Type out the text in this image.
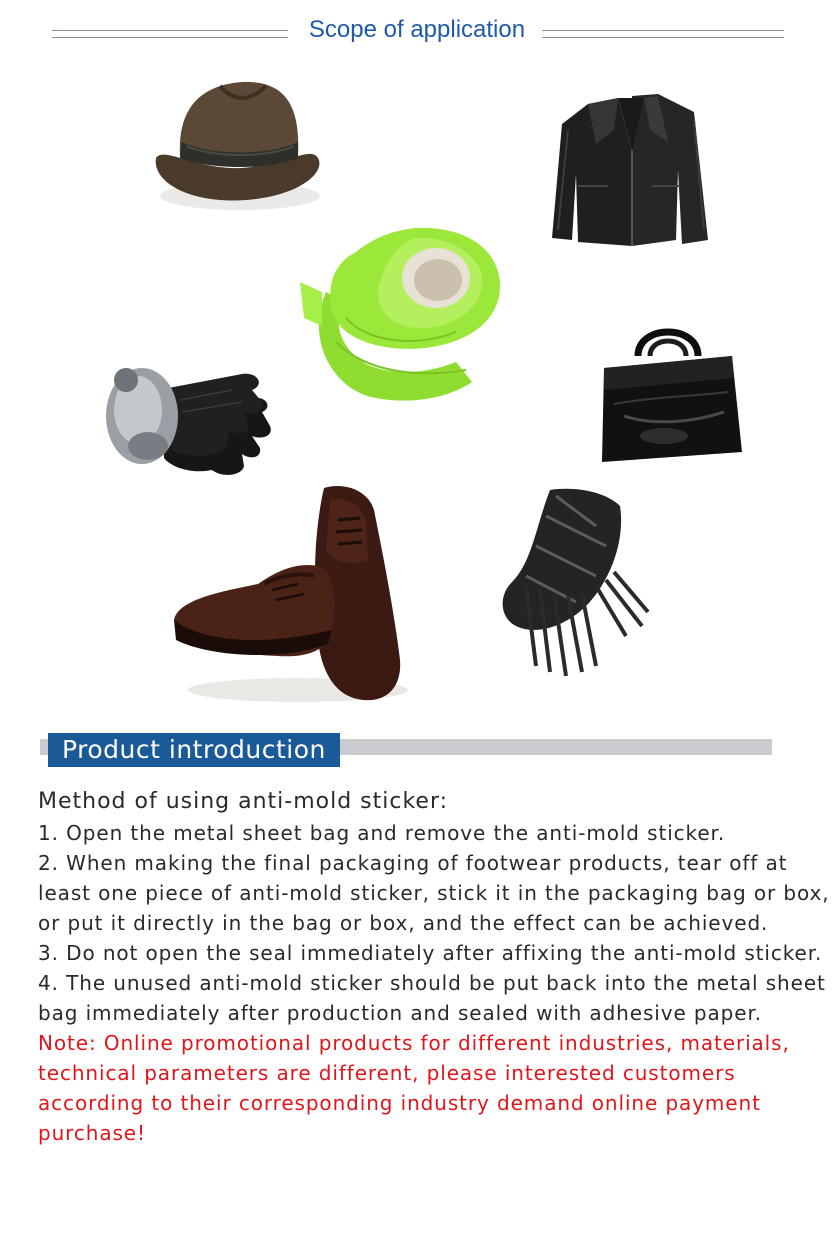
Scope of application
Product introduction

Method of using anti-mold sticker:

1. Open the metal sheet bag and remove the anti-mold sticker.

2. When making the final packaging of footwear products, tear off at least one piece of anti-mold sticker, stick it in the packaging bag or box, or put it directly in the bag or box, and the effect can be achieved.

3. Do not open the seal immediately after affixing the anti-mold sticker.

4. The unused anti-mold sticker should be put back into the metal sheet bag immediately after production and sealed with adhesive paper.

Note: Online promotional products for different industries, materials, technical parameters are different, please interested customers according to their corresponding industry demand online payment purchase!
